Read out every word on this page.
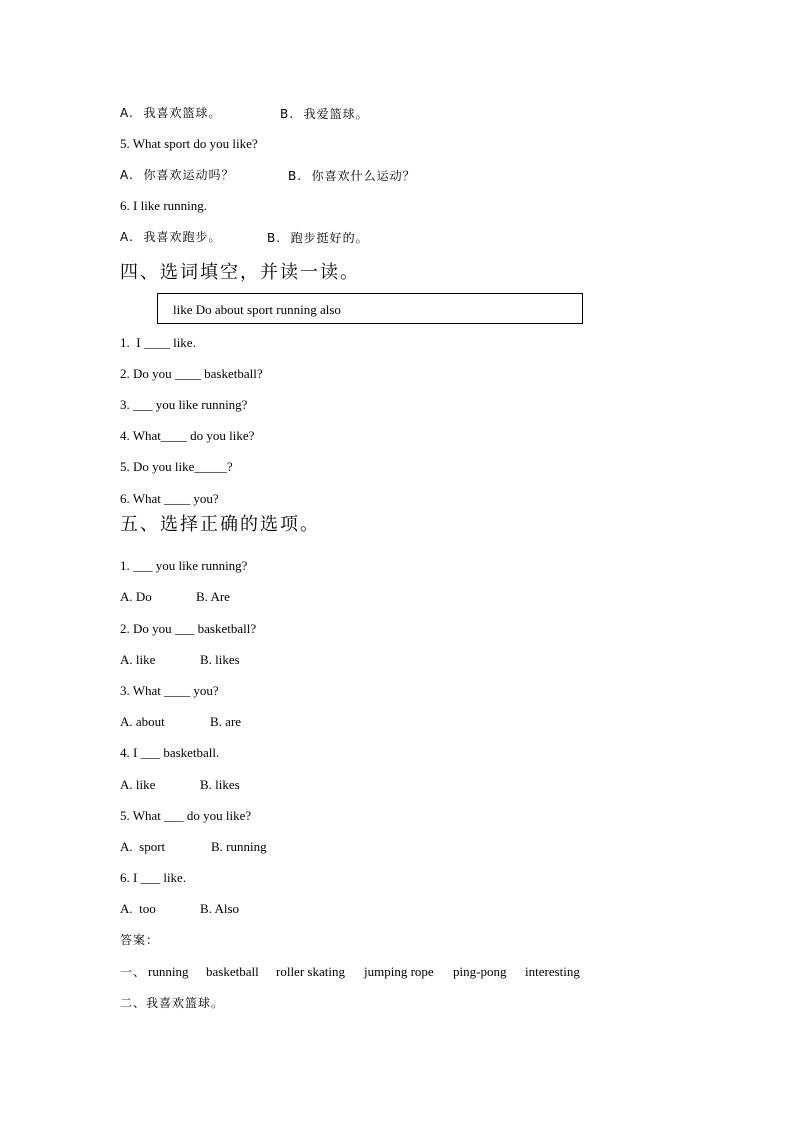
A.  我喜欢篮球。	B.  我爱篮球。
5. What sport do you like?
A.  你喜欢运动吗？	B.  你喜欢什么运动？
6. I like running.
A.  我喜欢跑步。	B.  跑步挺好的。
四、选词填空，并读一读。
like Do about sport running also
1.  I ____ like.
2. Do you ____ basketball?
3. ___ you like running?
4. What____ do you like?
5. Do you like_____?
6. What ____ you?
五、选择正确的选项。
1. ___ you like running?
A. Do	B. Are
2. Do you ___ basketball?
A. like	B. likes
3. What ____ you?
A. about	B. are
4. I ___ basketball.
A. like	B. likes
5. What ___ do you like?
A.  sport	B. running
6. I ___ like.
A.  too	B. Also
答案：
一、 running basketball roller skating jumping rope ping-pong interesting
二、我喜欢篮球。
